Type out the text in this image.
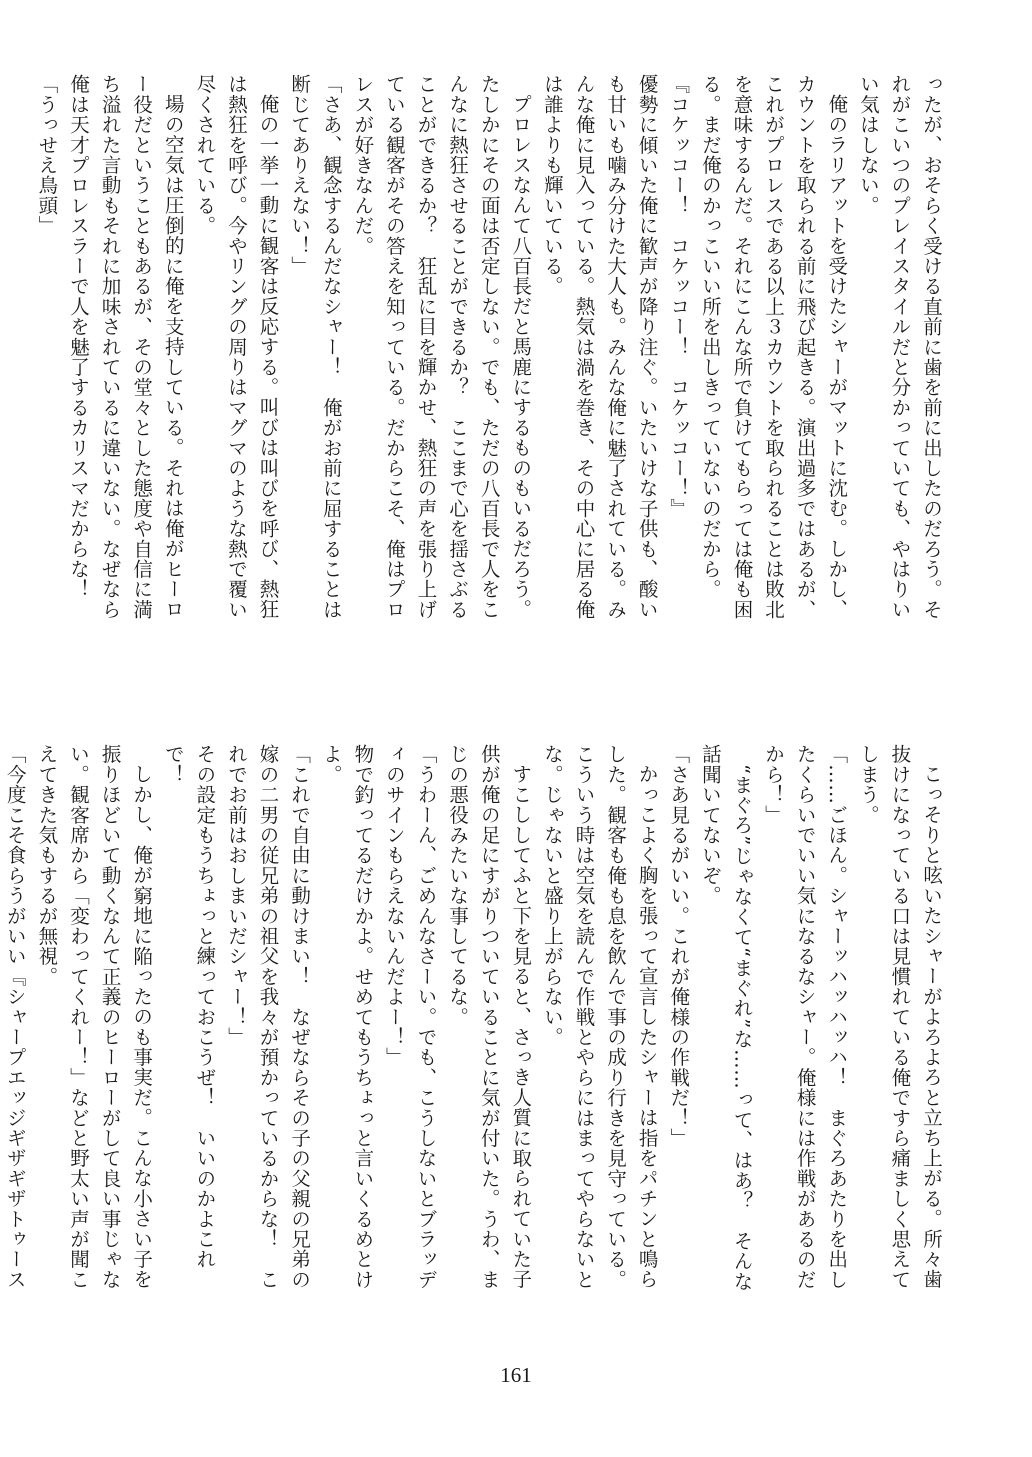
ったが、おそらく受ける直前に歯を前に出したのだろう。それがこいつのプレイスタイルだと分かっていても、やはりいい気はしない。

俺のラリアットを受けたシャーがマットに沈む。しかし、カウントを取られる前に飛び起きる。演出過多ではあるが、これがプロレスである以上３カウントを取られることは敗北を意味するんだ。それにこんな所で負けてもらっては俺も困る。まだ俺のかっこいい所を出しきっていないのだから。

『コケッコー！　コケッコー！　コケッコー！』

優勢に傾いた俺に歓声が降り注ぐ。いたいけな子供も、酸いも甘いも噛み分けた大人も。みんな俺に魅了されている。みんな俺に見入っている。熱気は渦を巻き、その中心に居る俺は誰よりも輝いている。

プロレスなんて八百長だと馬鹿にするものもいるだろう。たしかにその面は否定しない。でも、ただの八百長で人をこんなに熱狂させることができるか？　ここまで心を揺さぶることができるか？　狂乱に目を輝かせ、熱狂の声を張り上げている観客がその答えを知っている。だからこそ、俺はプロレスが好きなんだ。

「さあ、観念するんだなシャー！　俺がお前に屈することは断じてありえない！」

俺の一挙一動に観客は反応する。叫びは叫びを呼び、熱狂は熱狂を呼び。今やリングの周りはマグマのような熱で覆い尽くされている。

場の空気は圧倒的に俺を支持している。それは俺がヒーロー役だということもあるが、その堂々とした態度や自信に満ち溢れた言動もそれに加味されているに違いない。なぜなら俺は天才プロレスラーで人を魅了するカリスマだからな！

「うっせえ鳥頭」

こっそりと呟いたシャーがよろよろと立ち上がる。所々歯抜けになっている口は見慣れている俺ですら痛ましく思えてしまう。

「……ごほん。シャーッハッハッハ！　まぐろあたりを出したくらいでいい気になるなシャー。俺様には作戦があるのだから！」

“まぐろ”じゃなくて“まぐれ”な……って、はあ？　そんな話聞いてないぞ。

「さあ見るがいい。これが俺様の作戦だ！」

かっこよく胸を張って宣言したシャーは指をパチンと鳴らした。観客も俺も息を飲んで事の成り行きを見守っている。こういう時は空気を読んで作戦とやらにはまってやらないとな。じゃないと盛り上がらない。

すこししてふと下を見ると、さっき人質に取られていた子供が俺の足にすがりついていることに気が付いた。うわ、まじの悪役みたいな事してるな。

「うわーん、ごめんなさーい。でも、こうしないとブラッディのサインもらえないんだよー！」

物で釣ってるだけかよ。せめてもうちょっと言いくるめとけよ。

「これで自由に動けまい！　なぜならその子の父親の兄弟の嫁の二男の従兄弟の祖父を我々が預かっているからな！　これでお前はおしまいだシャー！」

その設定もうちょっと練っておこうぜ！　いいのかよこれで！

しかし、俺が窮地に陥ったのも事実だ。こんな小さい子を振りほどいて動くなんて正義のヒーローがして良い事じゃない。観客席から「変わってくれー！」などと野太い声が聞こえてきた気もするが無視。

「今度こそ食らうがいい『シャープエッジギザギザトゥース

161
